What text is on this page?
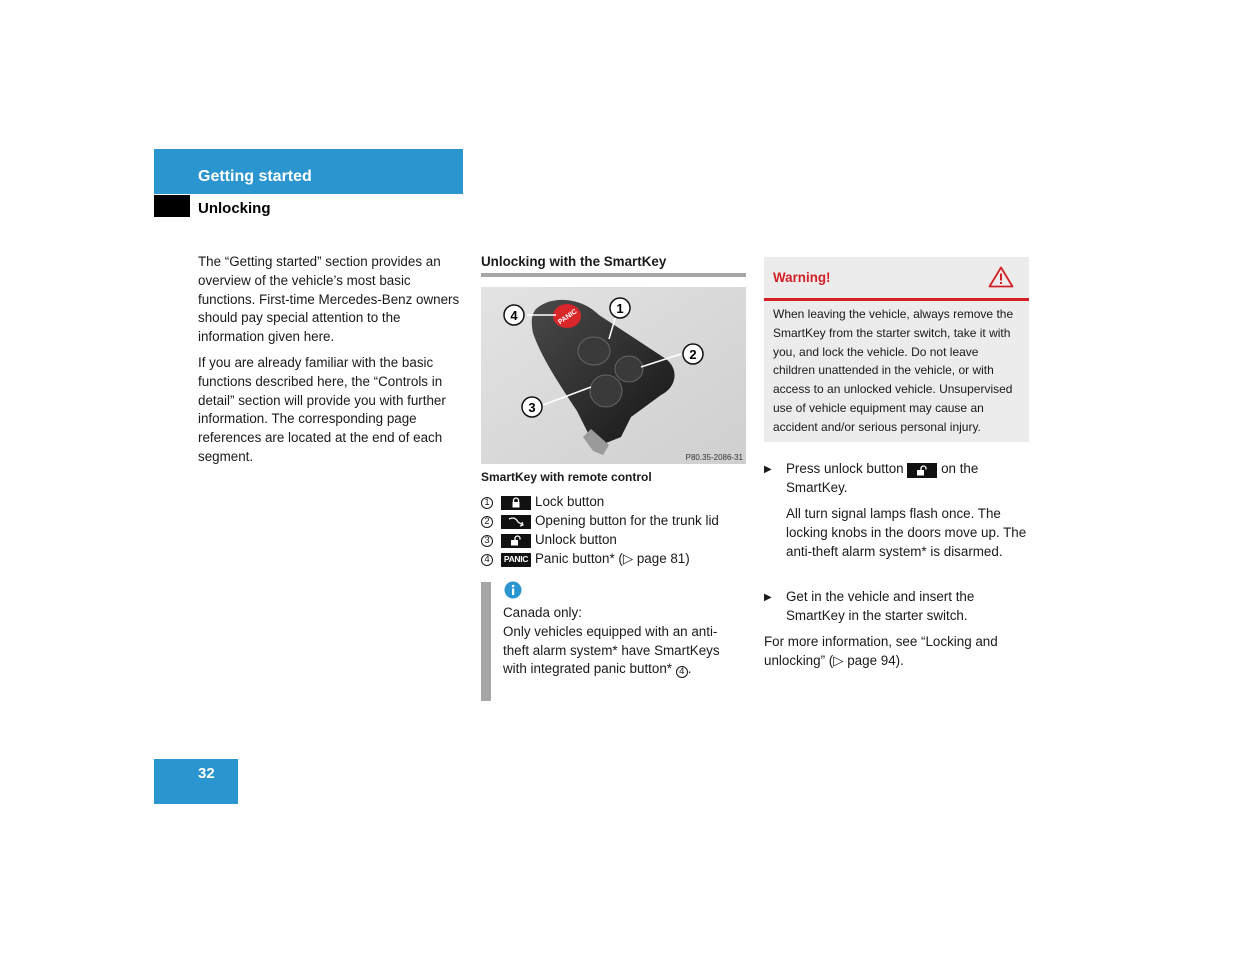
Getting started
Unlocking
The “Getting started” section provides an overview of the vehicle’s most basic functions. First-time Mercedes-Benz owners should pay special attention to the information given here.
If you are already familiar with the basic functions described here, the “Controls in detail” section will provide you with further information. The corresponding page references are located at the end of each segment.
Unlocking with the SmartKey
PANIC
4	1
2
3
P80.35-2086-31
SmartKey with remote control
1	Lock button
2	Opening button for the trunk lid
3	Unlock button
4	PANIC Panic button* (▷ page 81)
Canada only:
Only vehicles equipped with an anti-theft alarm system* have SmartKeys with integrated panic button* 4 .
Warning!
When leaving the vehicle, always remove the SmartKey from the starter switch, take it with you, and lock the vehicle. Do not leave children unattended in the vehicle, or with access to an unlocked vehicle. Unsupervised use of vehicle equipment may cause an accident and/or serious personal injury.
▶ Press unlock button	on the SmartKey.
All turn signal lamps flash once. The locking knobs in the doors move up. The anti-theft alarm system* is disarmed.
▶ Get in the vehicle and insert the SmartKey in the starter switch.
For more information, see “Locking and unlocking” (▷ page 94).
32
